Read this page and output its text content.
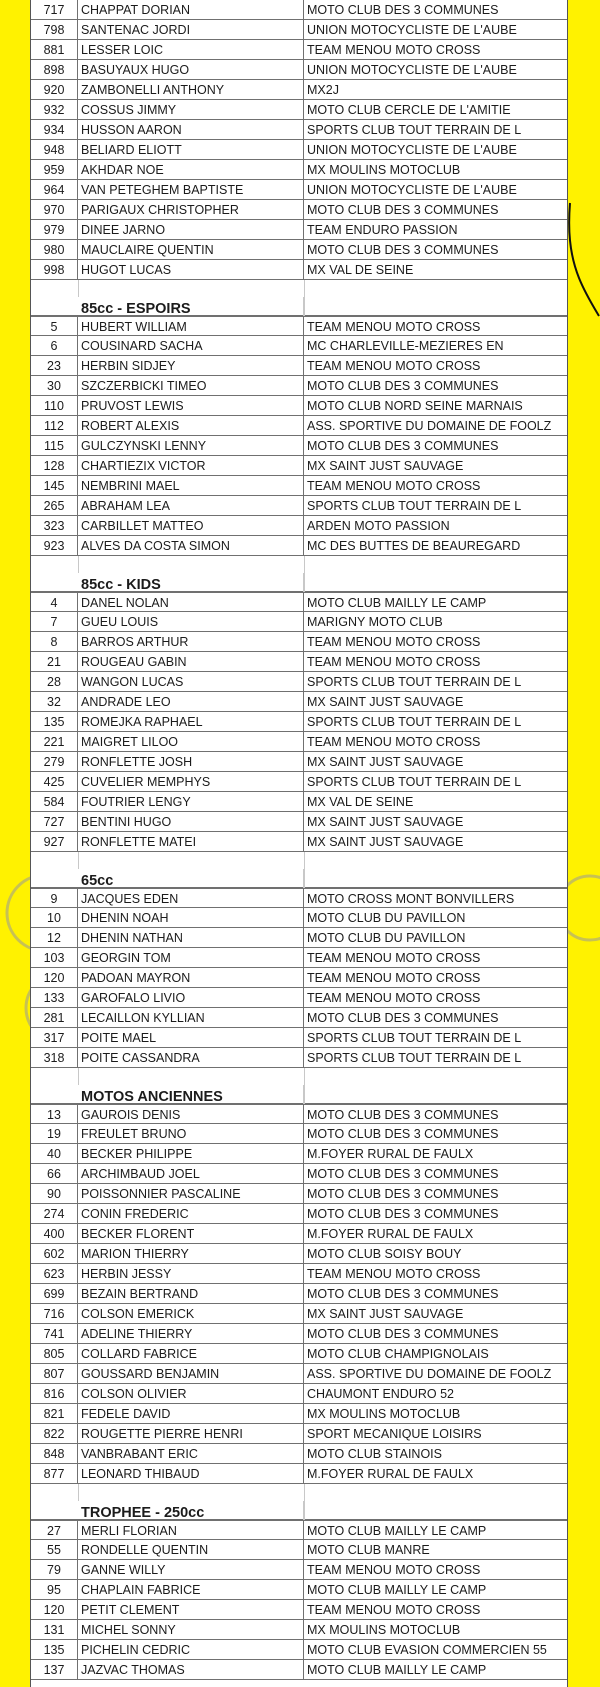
717	CHAPPAT DORIAN	MOTO CLUB DES 3 COMMUNES
798	SANTENAC JORDI	UNION MOTOCYCLISTE DE L'AUBE
881	LESSER LOIC	TEAM MENOU MOTO CROSS
898	BASUYAUX HUGO	UNION MOTOCYCLISTE DE L'AUBE
920	ZAMBONELLI ANTHONY	MX2J
932	COSSUS JIMMY	MOTO CLUB CERCLE DE L'AMITIE
934	HUSSON AARON	SPORTS CLUB TOUT TERRAIN DE L
948	BELIARD ELIOTT	UNION MOTOCYCLISTE DE L'AUBE
959	AKHDAR NOE	MX MOULINS MOTOCLUB
964	VAN PETEGHEM BAPTISTE	UNION MOTOCYCLISTE DE L'AUBE
970	PARIGAUX CHRISTOPHER	MOTO CLUB DES 3 COMMUNES
979	DINEE JARNO	TEAM ENDURO PASSION
980	MAUCLAIRE QUENTIN	MOTO CLUB DES 3 COMMUNES
998	HUGOT LUCAS	MX VAL DE SEINE
85cc - ESPOIRS
5	HUBERT WILLIAM	TEAM MENOU MOTO CROSS
6	COUSINARD SACHA	MC CHARLEVILLE-MEZIERES EN
23	HERBIN SIDJEY	TEAM MENOU MOTO CROSS
30	SZCZERBICKI TIMEO	MOTO CLUB DES 3 COMMUNES
110	PRUVOST LEWIS	MOTO CLUB NORD SEINE MARNAIS
112	ROBERT ALEXIS	ASS. SPORTIVE DU DOMAINE DE FOOLZ
115	GULCZYNSKI LENNY	MOTO CLUB DES 3 COMMUNES
128	CHARTIEZIX VICTOR	MX SAINT JUST SAUVAGE
145	NEMBRINI MAEL	TEAM MENOU MOTO CROSS
265	ABRAHAM LEA	SPORTS CLUB TOUT TERRAIN DE L
323	CARBILLET MATTEO	ARDEN MOTO PASSION
923	ALVES DA COSTA SIMON	MC DES BUTTES DE BEAUREGARD
85cc - KIDS
4	DANEL NOLAN	MOTO CLUB MAILLY LE CAMP
7	GUEU LOUIS	MARIGNY MOTO CLUB
8	BARROS ARTHUR	TEAM MENOU MOTO CROSS
21	ROUGEAU GABIN	TEAM MENOU MOTO CROSS
28	WANGON LUCAS	SPORTS CLUB TOUT TERRAIN DE L
32	ANDRADE LEO	MX SAINT JUST SAUVAGE
135	ROMEJKA RAPHAEL	SPORTS CLUB TOUT TERRAIN DE L
221	MAIGRET LILOO	TEAM MENOU MOTO CROSS
279	RONFLETTE JOSH	MX SAINT JUST SAUVAGE
425	CUVELIER MEMPHYS	SPORTS CLUB TOUT TERRAIN DE L
584	FOUTRIER LENGY	MX VAL DE SEINE
727	BENTINI HUGO	MX SAINT JUST SAUVAGE
927	RONFLETTE MATEI	MX SAINT JUST SAUVAGE
65cc
9	JACQUES EDEN	MOTO CROSS MONT BONVILLERS
10	DHENIN NOAH	MOTO CLUB DU PAVILLON
12	DHENIN NATHAN	MOTO CLUB DU PAVILLON
103	GEORGIN TOM	TEAM MENOU MOTO CROSS
120	PADOAN MAYRON	TEAM MENOU MOTO CROSS
133	GAROFALO LIVIO	TEAM MENOU MOTO CROSS
281	LECAILLON KYLLIAN	MOTO CLUB DES 3 COMMUNES
317	POITE MAEL	SPORTS CLUB TOUT TERRAIN DE L
318	POITE CASSANDRA	SPORTS CLUB TOUT TERRAIN DE L
MOTOS ANCIENNES
13	GAUROIS DENIS	MOTO CLUB DES 3 COMMUNES
19	FREULET BRUNO	MOTO CLUB DES 3 COMMUNES
40	BECKER PHILIPPE	M.FOYER RURAL DE FAULX
66	ARCHIMBAUD JOEL	MOTO CLUB DES 3 COMMUNES
90	POISSONNIER PASCALINE	MOTO CLUB DES 3 COMMUNES
274	CONIN FREDERIC	MOTO CLUB DES 3 COMMUNES
400	BECKER FLORENT	M.FOYER RURAL DE FAULX
602	MARION THIERRY	MOTO CLUB SOISY BOUY
623	HERBIN JESSY	TEAM MENOU MOTO CROSS
699	BEZAIN BERTRAND	MOTO CLUB DES 3 COMMUNES
716	COLSON EMERICK	MX SAINT JUST SAUVAGE
741	ADELINE THIERRY	MOTO CLUB DES 3 COMMUNES
805	COLLARD FABRICE	MOTO CLUB CHAMPIGNOLAIS
807	GOUSSARD BENJAMIN	ASS. SPORTIVE DU DOMAINE DE FOOLZ
816	COLSON OLIVIER	CHAUMONT ENDURO 52
821	FEDELE DAVID	MX MOULINS MOTOCLUB
822	ROUGETTE PIERRE HENRI	SPORT MECANIQUE LOISIRS
848	VANBRABANT ERIC	MOTO CLUB STAINOIS
877	LEONARD THIBAUD	M.FOYER RURAL DE FAULX
TROPHEE - 250cc
27	MERLI FLORIAN	MOTO CLUB MAILLY LE CAMP
55	RONDELLE QUENTIN	MOTO CLUB MANRE
79	GANNE WILLY	TEAM MENOU MOTO CROSS
95	CHAPLAIN FABRICE	MOTO CLUB MAILLY LE CAMP
120	PETIT CLEMENT	TEAM MENOU MOTO CROSS
131	MICHEL SONNY	MX MOULINS MOTOCLUB
135	PICHELIN CEDRIC	MOTO CLUB EVASION COMMERCIEN 55
137	JAZVAC THOMAS	MOTO CLUB MAILLY LE CAMP
